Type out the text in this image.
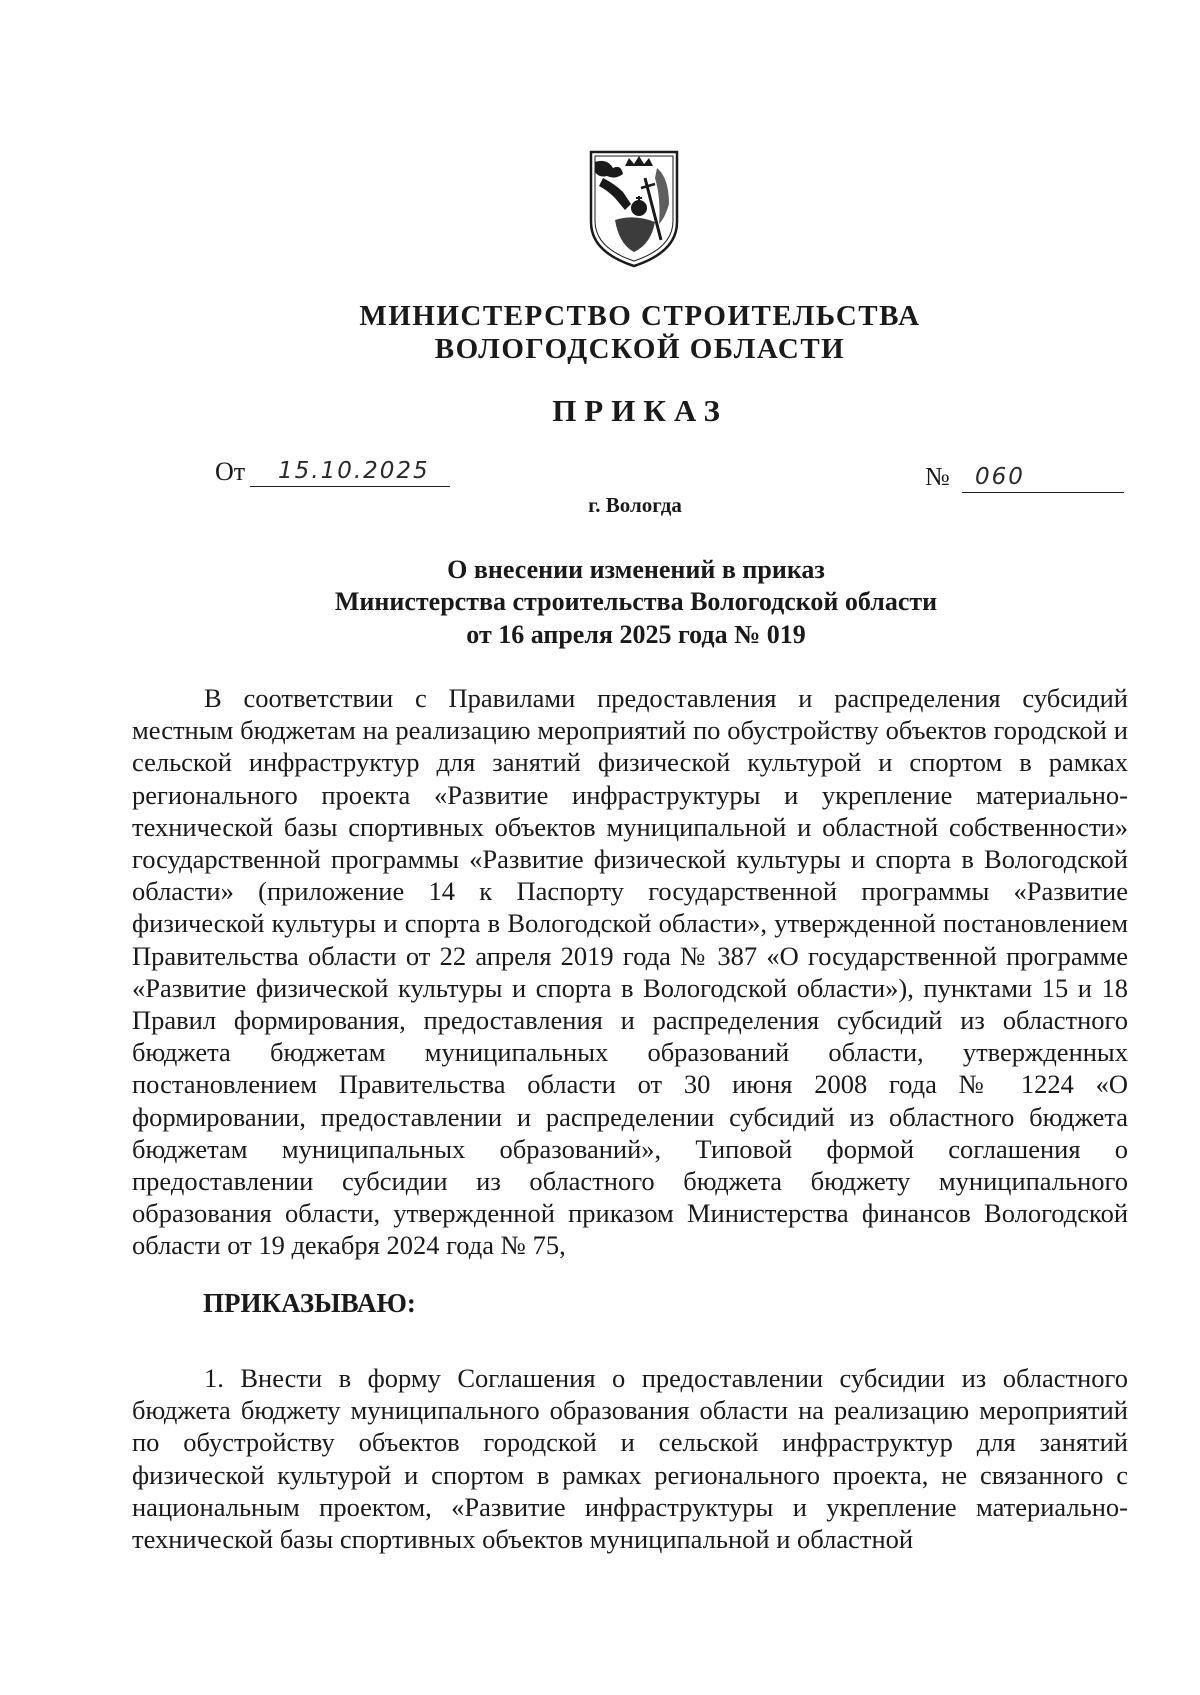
МИНИСТЕРСТВО СТРОИТЕЛЬСТВА
ВОЛОГОДСКОЙ ОБЛАСТИ
ПРИКАЗ
От 15.10.2025	№ 060
г. Вологда
О внесении изменений в приказ
Министерства строительства Вологодской области
от 16 апреля 2025 года № 019

В соответствии с Правилами предоставления и распределения субсидий местным бюджетам на реализацию мероприятий по обустройству объектов городской и сельской инфраструктур для занятий физической культурой и спортом в рамках регионального проекта «Развитие инфраструктуры и укрепление материально-технической базы спортивных объектов муниципальной и областной собственности» государственной программы «Развитие физической культуры и спорта в Вологодской области» (приложение 14 к Паспорту государственной программы «Развитие физической культуры и спорта в Вологодской области», утвержденной постановлением Правительства области от 22 апреля 2019 года № 387 «О государственной программе «Развитие физической культуры и спорта в Вологодской области»), пунктами 15 и 18 Правил формирования, предоставления и распределения субсидий из областного бюджета бюджетам муниципальных образований области, утвержденных постановлением Правительства области от 30 июня 2008 года № 1224 «О формировании, предоставлении и распределении субсидий из областного бюджета бюджетам муниципальных образований», Типовой формой соглашения о предоставлении субсидии из областного бюджета бюджету муниципального образования области, утвержденной приказом Министерства финансов Вологодской области от 19 декабря 2024 года № 75,

ПРИКАЗЫВАЮ:

1. Внести в форму Соглашения о предоставлении субсидии из областного бюджета бюджету муниципального образования области на реализацию мероприятий по обустройству объектов городской и сельской инфраструктур для занятий физической культурой и спортом в рамках регионального проекта, не связанного с национальным проектом, «Развитие инфраструктуры и укрепление материально-технической базы спортивных объектов муниципальной и областной
